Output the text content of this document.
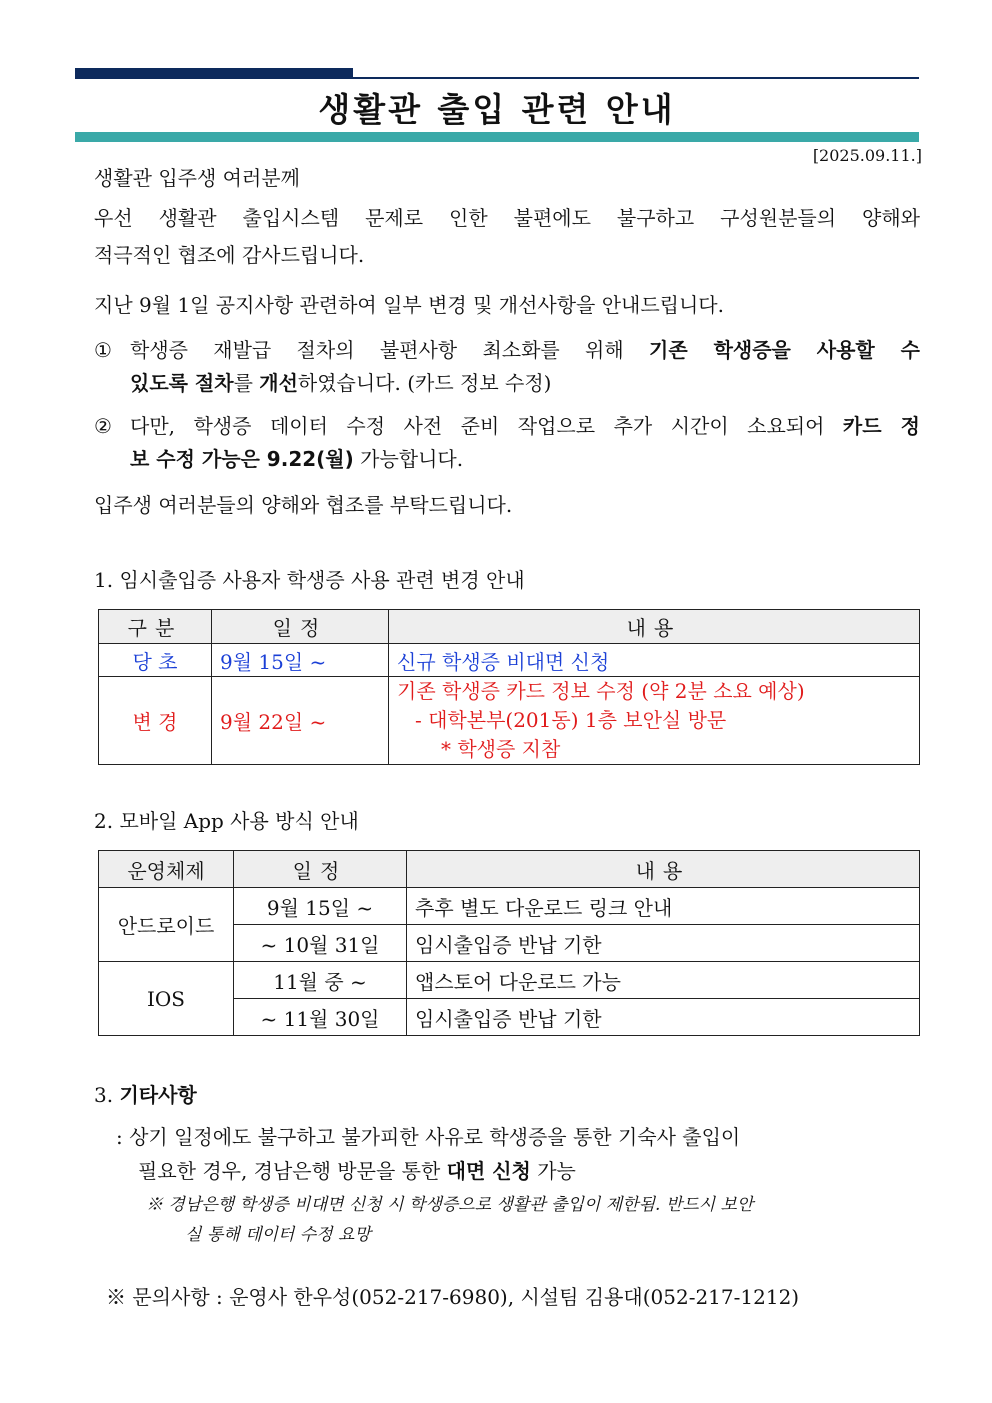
생활관 출입 관련 안내
[2025.09.11.]
생활관 입주생 여러분께
우선 생활관 출입시스템 문제로 인한 불편에도 불구하고 구성원분들의 양해와
적극적인 협조에 감사드립니다.
지난 9월 1일 공지사항 관련하여 일부 변경 및 개선사항을 안내드립니다.
① 학생증 재발급 절차의 불편사항 최소화를 위해 기존 학생증을 사용할 수
있도록 절차를 개선하였습니다. (카드 정보 수정)
② 다만, 학생증 데이터 수정 사전 준비 작업으로 추가 시간이 소요되어 카드 정
보 수정 가능은 9.22(월) 가능합니다.
입주생 여러분들의 양해와 협조를 부탁드립니다.
1. 임시출입증 사용자 학생증 사용 관련 변경 안내
구분	일정	내용
당 초	9월 15일 ~	신규 학생증 비대면 신청
변 경	9월 22일 ~	기존 학생증 카드 정보 수정 (약 2분 소요 예상)
- 대학본부(201동) 1층 보안실 방문
* 학생증 지참
2. 모바일 App 사용 방식 안내
운영체제	일정	내용
안드로이드	9월 15일 ~	추후 별도 다운로드 링크 안내
	~ 10월 31일	임시출입증 반납 기한
IOS	11월 중 ~	앱스토어 다운로드 가능
	~ 11월 30일	임시출입증 반납 기한
3. 기타사항
: 상기 일정에도 불구하고 불가피한 사유로 학생증을 통한 기숙사 출입이
필요한 경우, 경남은행 방문을 통한 대면 신청 가능
※ 경남은행 학생증 비대면 신청 시 학생증으로 생활관 출입이 제한됨. 반드시 보안
실 통해 데이터 수정 요망
※ 문의사항 : 운영사 한우성(052-217-6980), 시설팀 김용대(052-217-1212)
